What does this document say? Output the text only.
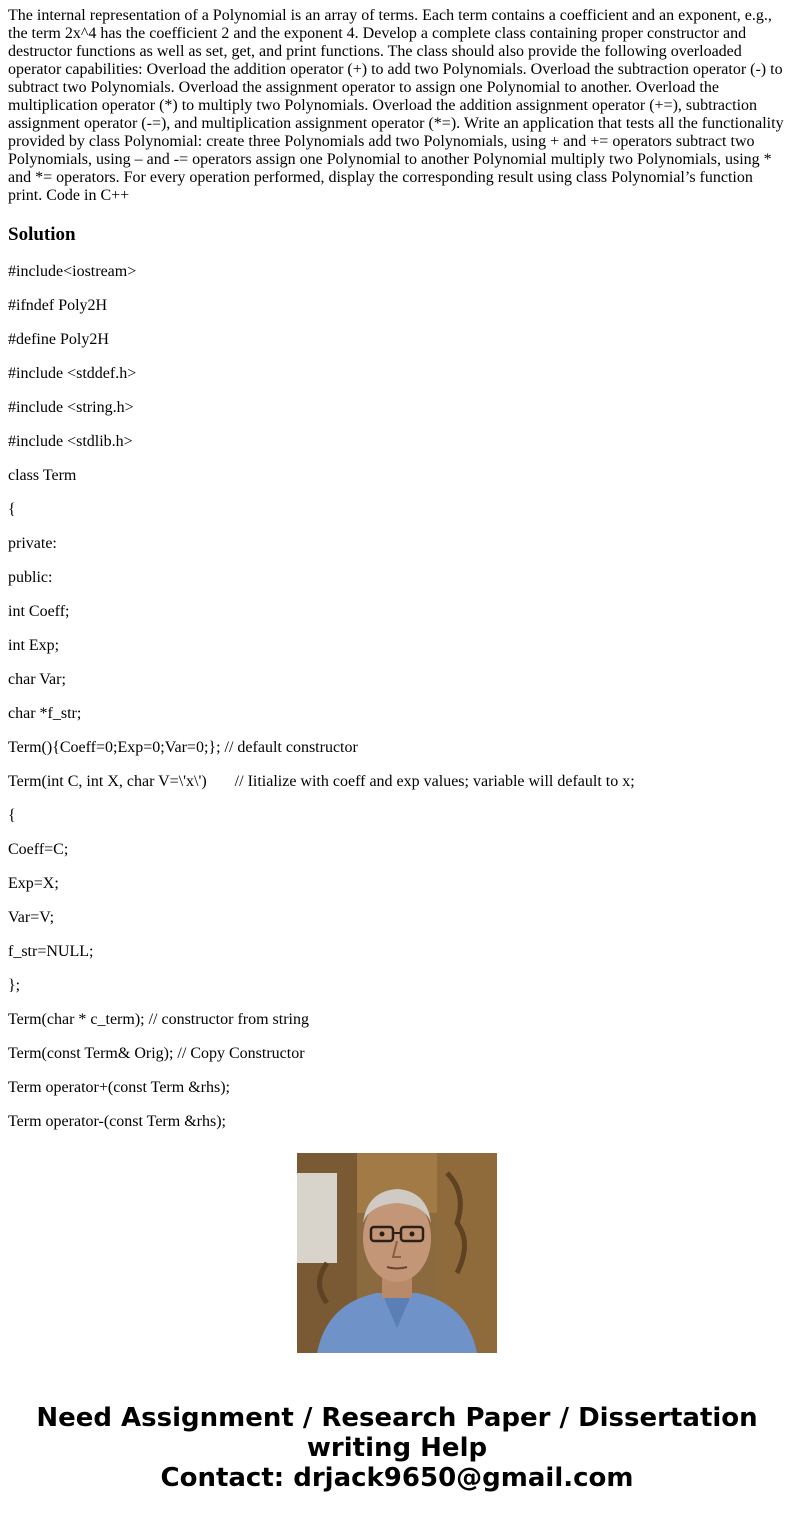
The internal representation of a Polynomial is an array of terms. Each term contains a coefficient and an exponent, e.g., the term 2x^4 has the coefficient 2 and the exponent 4. Develop a complete class containing proper constructor and destructor functions as well as set, get, and print functions. The class should also provide the following overloaded operator capabilities: Overload the addition operator (+) to add two Polynomials. Overload the subtraction operator (-) to subtract two Polynomials. Overload the assignment operator to assign one Polynomial to another. Overload the multiplication operator (*) to multiply two Polynomials. Overload the addition assignment operator (+=), subtraction assignment operator (-=), and multiplication assignment operator (*=). Write an application that tests all the functionality provided by class Polynomial: create three Polynomials add two Polynomials, using + and += operators subtract two Polynomials, using – and -= operators assign one Polynomial to another Polynomial multiply two Polynomials, using * and *= operators. For every operation performed, display the corresponding result using class Polynomial’s function print. Code in C++

Solution

#include<iostream>

#ifndef Poly2H

#define Poly2H

#include <stddef.h>

#include <string.h>

#include <stdlib.h>

class Term

{

private:

public:

int Coeff;

int Exp;

char Var;

char *f_str;

Term(){Coeff=0;Exp=0;Var=0;}; // default constructor

Term(int C, int X, char V=\'x\')       // Iitialize with coeff and exp values; variable will default to x;

{

Coeff=C;

Exp=X;

Var=V;

f_str=NULL;

};

Term(char * c_term); // constructor from string

Term(const Term& Orig); // Copy Constructor

Term operator+(const Term &rhs);

Term operator-(const Term &rhs);

Need Assignment / Research Paper / Dissertation
writing Help
Contact: drjack9650@gmail.com
